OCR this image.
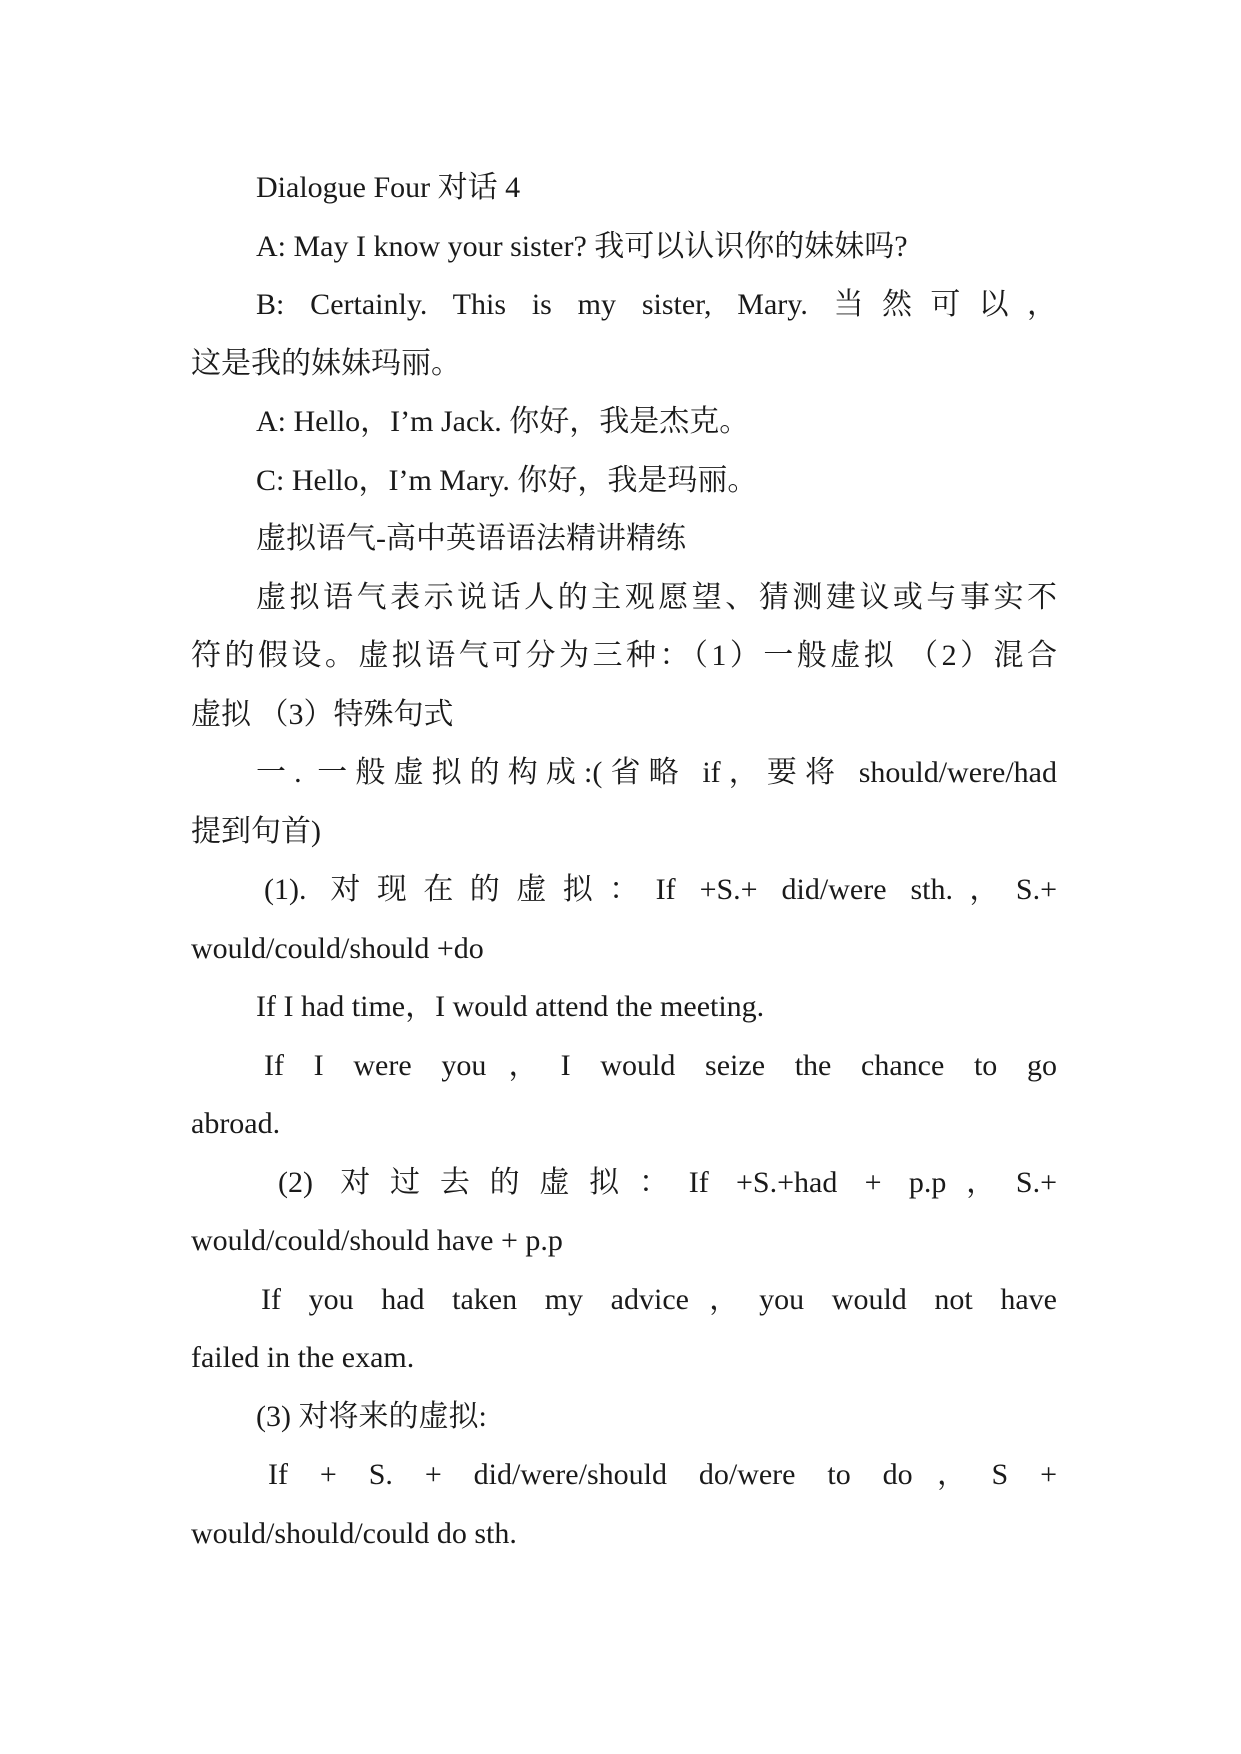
Dialogue Four 对话 4
A: May I know your sister? 我可以认识你的妹妹吗?
B: Certainly. This is my sister, Mary. 当然可以，
这是我的妹妹玛丽。
A: Hello，I’m Jack. 你好，我是杰克。
C: Hello，I’m Mary. 你好，我是玛丽。
虚拟语气-高中英语语法精讲精练
虚拟语气表示说话人的主观愿望、猜测建议或与事实不
符的假设。虚拟语气可分为三种：（1）一般虚拟 （2）混合
虚拟 （3）特殊句式
一. 一般虚拟的构成:(省略 if，要将 should/were/had
提到句首)
(1). 对现在的虚拟：If +S.+ did/were sth.，S.+
would/could/should +do
If I had time，I would attend the meeting.
If I were you，I would seize the chance to go
abroad.
(2) 对过去的虚拟：If +S.+had + p.p，S.+
would/could/should have + p.p
If you had taken my advice，you would not have
failed in the exam.
(3) 对将来的虚拟:
If + S. + did/were/should do/were to do，S +
would/should/could do sth.
